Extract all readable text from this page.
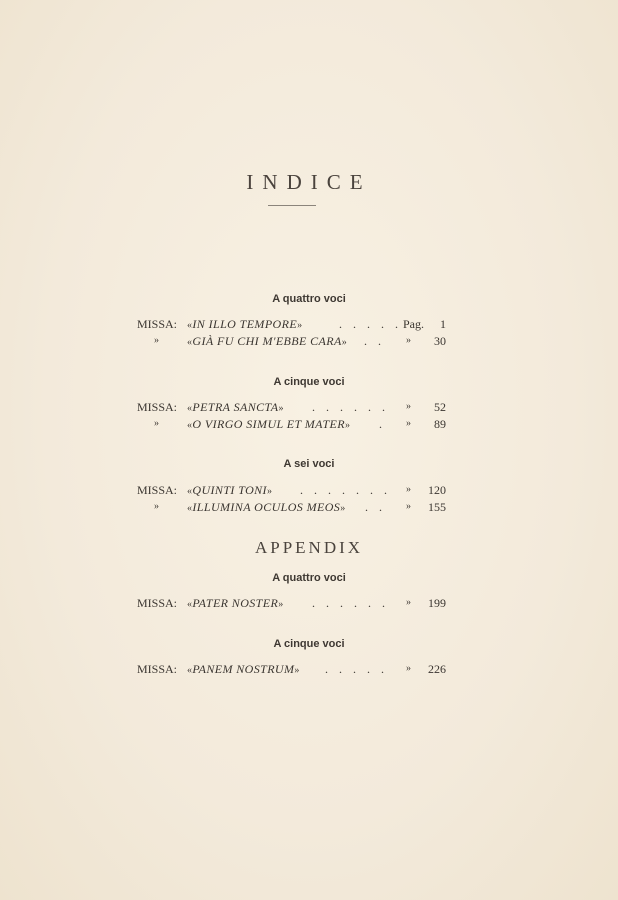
INDICE
A quattro voci
MISSA: «IN ILLO TEMPORE»	. . . . . Pag. 1
»	«GIÀ FU CHI M'EBBE CARA» . . » 30
A cinque voci
MISSA: «PETRA SANCTA» . . . . . . » 52
»	«O VIRGO SIMUL ET MATER» . » 89
A sei voci
MISSA: «QUINTI TONI» . . . . . . . » 120
»	«ILLUMINA OCULOS MEOS» . . » 155
APPENDIX
A quattro voci
MISSA: «PATER NOSTER» . . . . . . » 199
A cinque voci
MISSA: «PANEM NOSTRUM» . . . . . » 226
